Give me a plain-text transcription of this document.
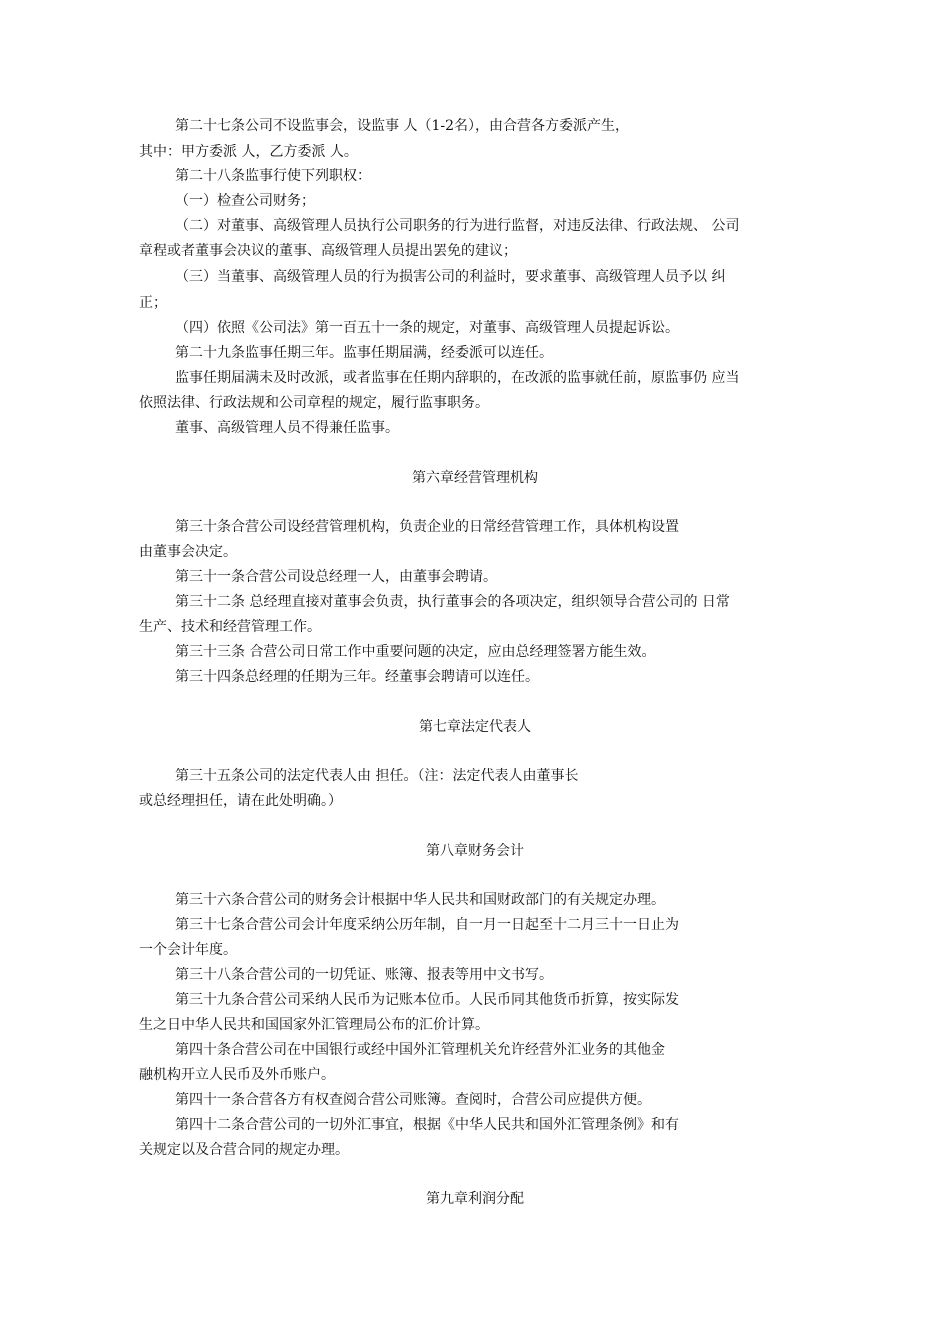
第二十七条公司不设监事会，设监事 人（1-2名），由合营各方委派产生，
其中：甲方委派 人，乙方委派 人。
第二十八条监事行使下列职权：
（一）检查公司财务；
（二）对董事、高级管理人员执行公司职务的行为进行监督，对违反法律、行政法规、 公司
章程或者董事会决议的董事、高级管理人员提出罢免的建议；
（三）当董事、高级管理人员的行为损害公司的利益时，要求董事、高级管理人员予以 纠
正；
（四）依照《公司法》第一百五十一条的规定，对董事、高级管理人员提起诉讼。
第二十九条监事任期三年。监事任期届满，经委派可以连任。
监事任期届满未及时改派，或者监事在任期内辞职的，在改派的监事就任前，原监事仍 应当
依照法律、行政法规和公司章程的规定，履行监事职务。
董事、高级管理人员不得兼任监事。
第六章经营管理机构
第三十条合营公司设经营管理机构，负责企业的日常经营管理工作，具体机构设置
由董事会决定。
第三十一条合营公司设总经理一人，由董事会聘请。
第三十二条 总经理直接对董事会负责，执行董事会的各项决定，组织领导合营公司的 日常
生产、技术和经营管理工作。
第三十三条 合营公司日常工作中重要问题的决定，应由总经理签署方能生效。
第三十四条总经理的任期为三年。经董事会聘请可以连任。
第七章法定代表人
第三十五条公司的法定代表人由 担任。（注：法定代表人由董事长
或总经理担任，请在此处明确。）
第八章财务会计
第三十六条合营公司的财务会计根据中华人民共和国财政部门的有关规定办理。
第三十七条合营公司会计年度采纳公历年制，自一月一日起至十二月三十一日止为
一个会计年度。
第三十八条合营公司的一切凭证、账簿、报表等用中文书写。
第三十九条合营公司采纳人民币为记账本位币。人民币同其他货币折算，按实际发
生之日中华人民共和国国家外汇管理局公布的汇价计算。
第四十条合营公司在中国银行或经中国外汇管理机关允许经营外汇业务的其他金
融机构开立人民币及外币账户。
第四十一条合营各方有权查阅合营公司账簿。查阅时，合营公司应提供方便。
第四十二条合营公司的一切外汇事宜，根据《中华人民共和国外汇管理条例》和有
关规定以及合营合同的规定办理。
第九章利润分配
